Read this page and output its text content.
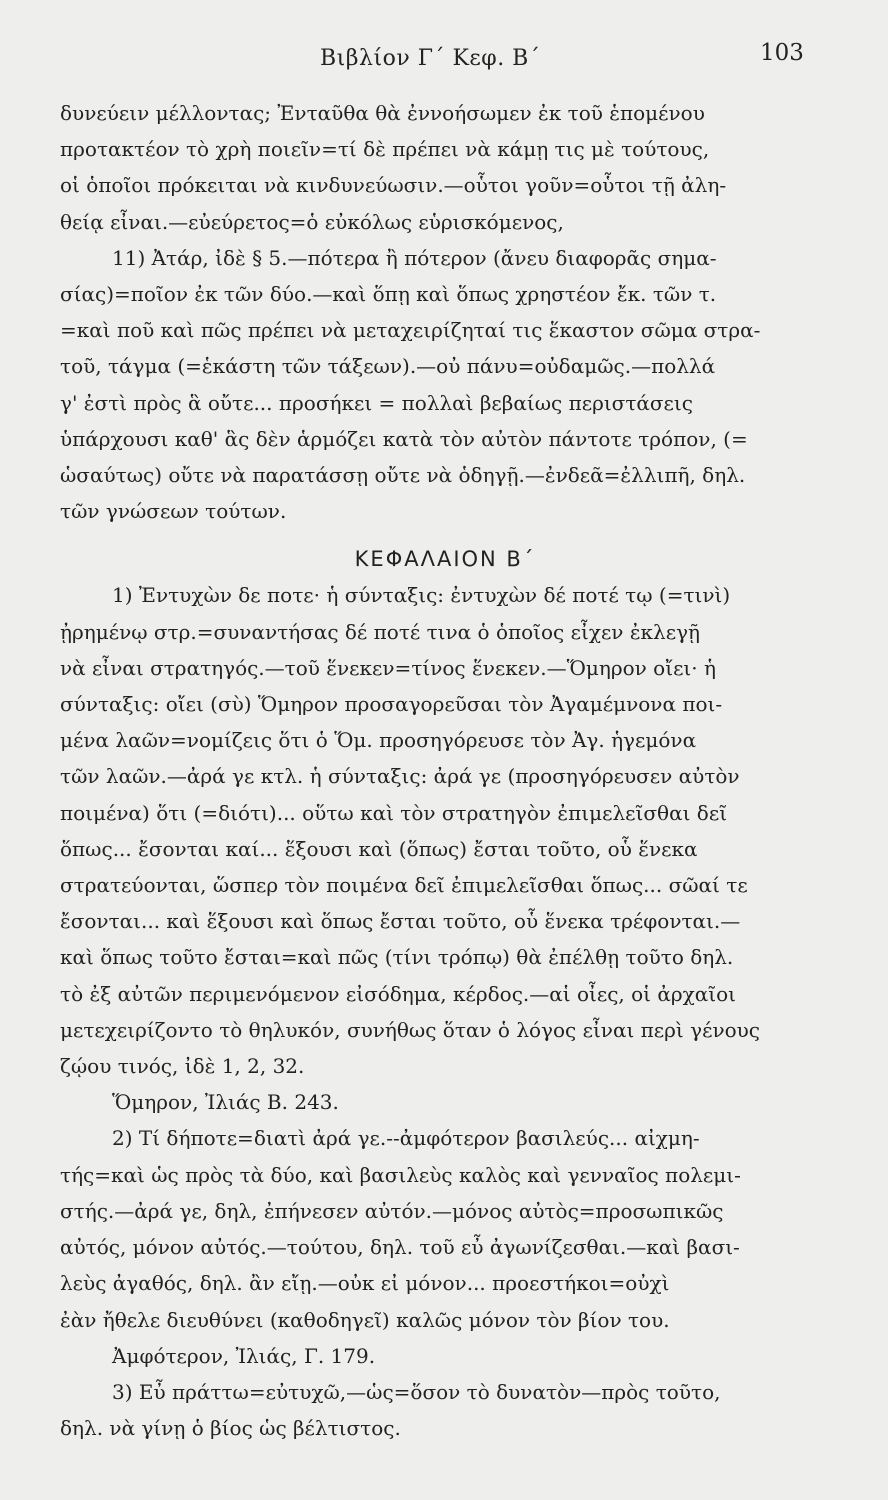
Βιβλίον Γ΄ Κεφ. Β΄	103
δυνεύειν μέλλοντας; Ἐνταῦθα θὰ ἐννοήσωμεν ἐκ τοῦ ἑπομένου
προτακτέον τὸ χρὴ ποιεῖν=τί δὲ πρέπει νὰ κάμῃ τις μὲ τούτους,
οἱ ὁποῖοι πρόκειται νὰ κινδυνεύωσιν.—οὗτοι γοῦν=οὗτοι τῇ ἀλη-
θείᾳ εἶναι.—εὐεύρετος=ὁ εὐκόλως εὑρισκόμενος,
11) Ἀτάρ, ἰδὲ § 5.—πότερα ἢ πότερον (ἄνευ διαφορᾶς σημα-
σίας)=ποῖον ἐκ τῶν δύο.—καὶ ὅπῃ καὶ ὅπως χρηστέον ἔκ. τῶν τ.
=καὶ ποῦ καὶ πῶς πρέπει νὰ μεταχειρίζηταί τις ἕκαστον σῶμα στρα-
τοῦ, τάγμα (=ἑκάστη τῶν τάξεων).—οὐ πάνυ=οὐδαμῶς.—πολλά
γ' ἐστὶ πρὸς ἃ οὔτε... προσήκει = πολλαὶ βεβαίως περιστάσεις
ὑπάρχουσι καθ' ἃς δὲν ἁρμόζει κατὰ τὸν αὐτὸν πάντοτε τρόπον, (=
ὡσαύτως) οὔτε νὰ παρατάσσῃ οὔτε νὰ ὁδηγῇ.—ἐνδεᾶ=ἐλλιπῆ, δηλ.
τῶν γνώσεων τούτων.
ΚΕΦΑΛΑΙΟΝ Β΄
1) Ἐντυχὼν δε ποτε· ἡ σύνταξις: ἐντυχὼν δέ ποτέ τῳ (=τινὶ)
ᾐρημένῳ στρ.=συναντήσας δέ ποτέ τινα ὁ ὁποῖος εἶχεν ἐκλεγῇ
νὰ εἶναι στρατηγός.—τοῦ ἕνεκεν=τίνος ἕνεκεν.—Ὅμηρον οἴει· ἡ
σύνταξις: οἴει (σὺ) Ὅμηρον προσαγορεῦσαι τὸν Ἀγαμέμνονα ποι-
μένα λαῶν=νομίζεις ὅτι ὁ Ὅμ. προσηγόρευσε τὸν Ἀγ. ἡγεμόνα
τῶν λαῶν.—ἀρά γε κτλ. ἡ σύνταξις: ἀρά γε (προσηγόρευσεν αὐτὸν
ποιμένα) ὅτι (=διότι)... οὕτω καὶ τὸν στρατηγὸν ἐπιμελεῖσθαι δεῖ
ὅπως... ἔσονται καί... ἕξουσι καὶ (ὅπως) ἔσται τοῦτο, οὗ ἕνεκα
στρατεύονται, ὥσπερ τὸν ποιμένα δεῖ ἐπιμελεῖσθαι ὅπως... σῶαί τε
ἔσονται... καὶ ἕξουσι καὶ ὅπως ἔσται τοῦτο, οὗ ἕνεκα τρέφονται.—
καὶ ὅπως τοῦτο ἔσται=καὶ πῶς (τίνι τρόπῳ) θὰ ἐπέλθῃ τοῦτο δηλ.
τὸ ἐξ αὐτῶν περιμενόμενον εἰσόδημα, κέρδος.—αἱ οἶες, οἱ ἀρχαῖοι
μετεχειρίζοντο τὸ θηλυκόν, συνήθως ὅταν ὁ λόγος εἶναι περὶ γένους
ζῴου τινός, ἰδὲ 1, 2, 32.
Ὅμηρον, Ἰλιάς Β. 243.
2) Τί δήποτε=διατὶ ἀρά γε.--ἀμφότερον βασιλεύς... αἰχμη-
τής=καὶ ὡς πρὸς τὰ δύο, καὶ βασιλεὺς καλὸς καὶ γενναῖος πολεμι-
στής.—ἀρά γε, δηλ, ἐπήνεσεν αὐτόν.—μόνος αὐτὸς=προσωπικῶς
αὐτός, μόνον αὐτός.—τούτου, δηλ. τοῦ εὖ ἀγωνίζεσθαι.—καὶ βασι-
λεὺς ἀγαθός, δηλ. ἂν εἴῃ.—οὐκ εἰ μόνον... προεστήκοι=οὐχὶ
ἐὰν ἤθελε διευθύνει (καθοδηγεῖ) καλῶς μόνον τὸν βίον του.
Ἀμφότερον, Ἰλιάς, Γ. 179.
3) Εὖ πράττω=εὐτυχῶ,—ὡς=ὅσον τὸ δυνατὸν—πρὸς τοῦτο,
δηλ. νὰ γίνῃ ὁ βίος ὡς βέλτιστος.
